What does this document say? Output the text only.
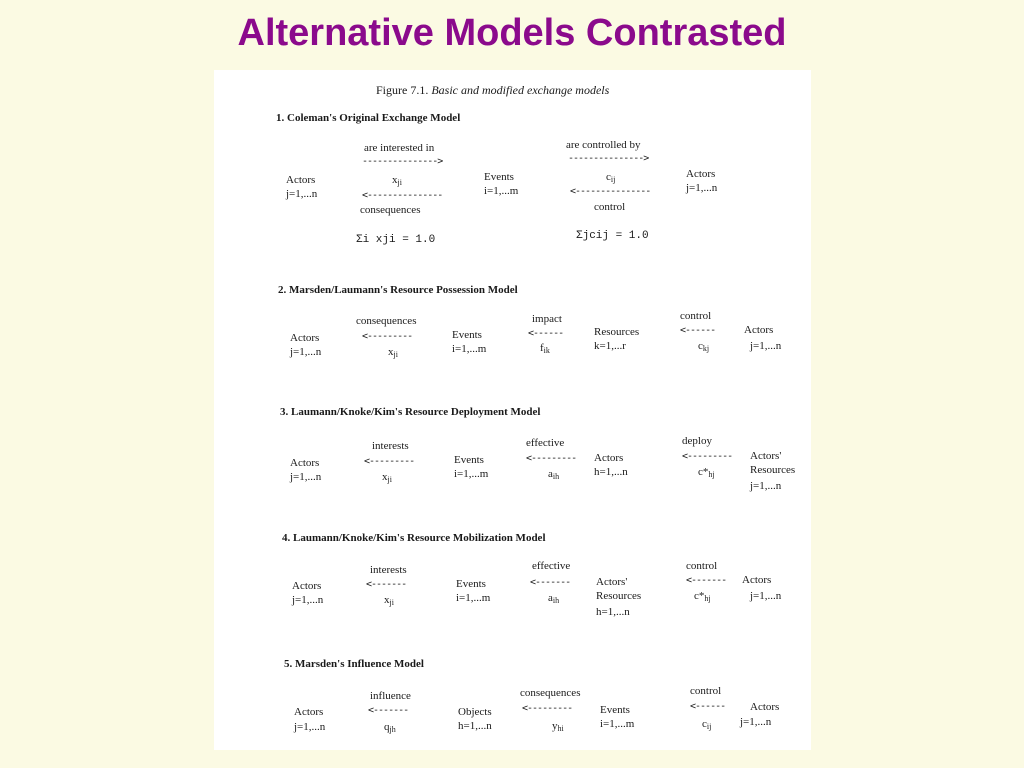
Alternative Models Contrasted
Figure 7.1. Basic and modified exchange models
1. Coleman's Original Exchange Model
Actors
j=1,...n
are interested in
--------------->
$x_{ji}$
<---------------
consequences
Events
i=1,...m
are controlled by
--------------->
$c_{ij}$
<---------------
control
Actors
j=1,...n
Σi xji = 1.0	Σjcij = 1.0
2. Marsden/Laumann's Resource Possession Model
Actors
j=1,...n
consequences
<---------
$x_{ji}$
Events
i=1,...m
impact
<------
$f_{ik}$
Resources
k=1,...r
control
<------
$c_{kj}$
Actors
j=1,...n
3. Laumann/Knoke/Kim's Resource Deployment Model
Actors
j=1,...n
interests
<---------
$x_{ji}$
Events
i=1,...m
effective
<---------
$a_{ih}$
Actors
h=1,...n
deploy
<---------
$c*_{hj}$
Actors'
Resources
j=1,...n
4. Laumann/Knoke/Kim's Resource Mobilization Model
Actors
j=1,...n
interests
<-------
$x_{ji}$
Events
i=1,...m
effective
<-------
$a_{ih}$
Actors'
Resources
h=1,...n
control
<-------
$c*_{hj}$
Actors
j=1,...n
5. Marsden's Influence Model
Actors
j=1,...n
influence
<-------
$q_{jh}$
Objects
h=1,...n
consequences
<---------
$y_{hi}$
Events
i=1,...m
control
<------
$c_{ij}$
Actors
j=1,...n
